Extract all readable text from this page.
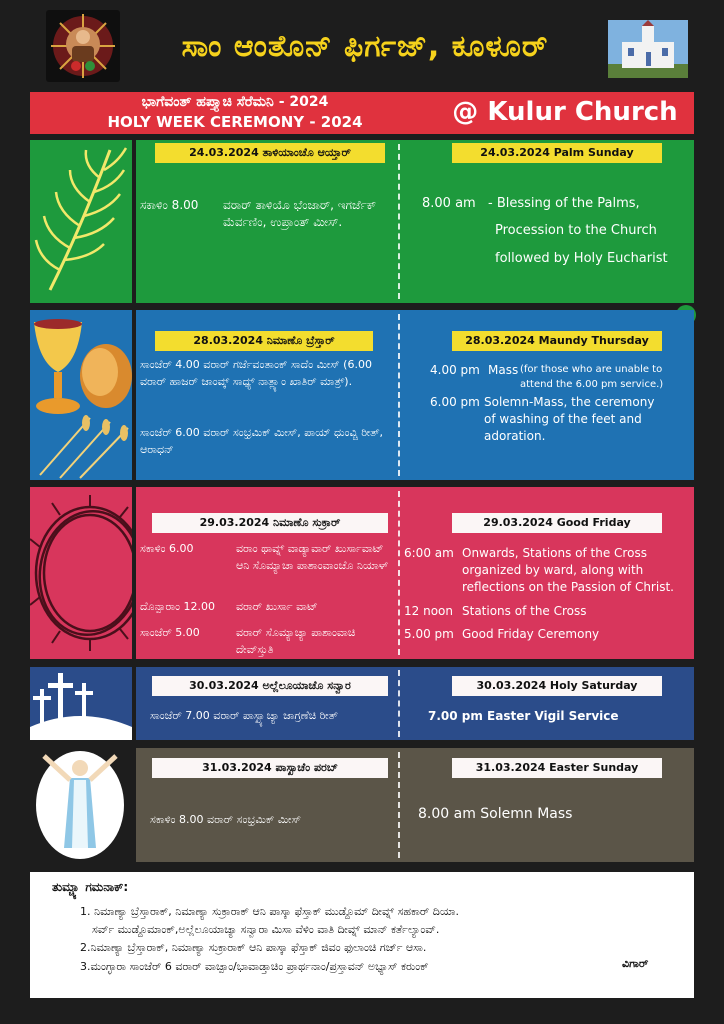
ಸಾಂ ಆಂತೊನ್ ಫಿರ್ಗಜ್, ಕೂಳೂರ್
ಭಾಗೆವಂತ್ ಹಪ್ತ್ಯಾಚಿ ಸೆರೆಮನಿ - 2024
HOLY WEEK CEREMONY - 2024	@ Kulur Church
24.03.2024 ತಾಳಿಯಾಂಚೊ ಆಯ್ತಾರ್	24.03.2024 Palm Sunday
ಸಕಾಳಿಂ 8.00	ವರಾರ್ ತಾಳಿಯೊ ಭೆಂಜಾರ್, ಇಗರ್ಜೆಕ್ ಮೆರ್ವಣಿಂ, ಉಪ್ರಾಂತ್ ಮೀಸ್.
8.00 am - Blessing of the Palms,
Procession to the Church
followed by Holy Eucharist
28.03.2024 ನಿಮಾಣೊ ಬ್ರೆಸ್ತಾರ್	28.03.2024 Maundy Thursday
ಸಾಂಜೆರ್ 4.00 ವರಾರ್ ಗರ್ಜೆವಂತಾಂಕ್ ಸಾದೆಂ ಮೀಸ್ (6.00 ವರಾರ್ ಹಾಜರ್ ಜಾಂವ್ಕ್ ಸಾಧ್ಯ್ ನಾತ್ಲ್ಯಾಂ ಖಾತಿರ್ ಮಾತ್ರ್).
ಸಾಂಜೆರ್ 6.00 ವರಾರ್ ಸಂಭ್ರಮಿಕ್ ಮೀಸ್, ಪಾಯ್ ಧುಂವ್ಚಿ ರೀತ್, ಆರಾಧನ್
4.00 pm Mass (for those who are unable to attend the 6.00 pm service.)
6.00 pm Solemn-Mass, the ceremony of washing of the feet and adoration.
29.03.2024 ನಿಮಾಣೊ ಸುಕ್ರಾರ್	29.03.2024 Good Friday
ಸಕಾಳಿಂ 6.00	ವರಾಂ ಥಾವ್ನ್ ವಾಡ್ಯಾವಾರ್ ಖುರ್ಸಾವಾಟ್ ಆನಿ ಸೊಮ್ಯಾಚಾ ಪಾಶಾಂವಾಂಚೊ ನಿಯಾಳ್
ದೊನ್ಪಾರಾಂ 12.00	ವರಾರ್ ಖುರ್ಸಾ ವಾಟ್
ಸಾಂಜೆರ್ 5.00	ವರಾರ್ ಸೊಮ್ಯಾಚ್ಯಾ ಪಾಶಾಂವಾಚಿ ದೇವ್‌ಸ್ತುತಿ
6:00 am Onwards, Stations of the Cross organized by ward, along with reflections on the Passion of Christ.
12 noon Stations of the Cross
5.00 pm Good Friday Ceremony
30.03.2024 ಅಲ್ಲೆಲೂಯಾಚೊ ಸನ್ವಾರ	30.03.2024 Holy Saturday
ಸಾಂಜೆರ್ 7.00 ವರಾರ್ ಪಾಸ್ಖ್ಯಾಚ್ಯಾ ಜಾಗ್ರಣೆಚಿ ರೀತ್	7.00 pm Easter Vigil Service
31.03.2024 ಪಾಸ್ಖಾಚೆಂ ಪರಬ್	31.03.2024 Easter Sunday
ಸಕಾಳಿಂ 8.00 ವರಾರ್ ಸಂಭ್ರಮಿಕ್ ಮೀಸ್	8.00 am Solemn Mass
ತುಮ್ಚ್ಯಾ ಗಮನಾಕ್:
1. ನಿಮಾಣ್ಯಾ ಬ್ರೆಸ್ತಾರಾಕ್, ನಿಮಾಣ್ಯಾ ಸುಕ್ರಾರಾಕ್ ಆನಿ ಪಾಸ್ಕಾ ಫೆಸ್ತಾಕ್ ಮುಡ್ದೊಮ್ ದೀವ್ನ್ ಸಹಕಾರ್ ದಿಯಾ.
ಸರ್ವ್ ಮುಡ್ದೊಮಾಂಕ್,ಅಲ್ಲೆಲೂಯಾಚ್ಯಾ ಸನ್ವಾರಾ ಮಿಸಾ ವೆಳಿಂ ವಾತಿ ದೀವ್ನ್ ಮಾನ್ ಕರ್ತೆಲ್ಯಾಂವ್.
2.ನಿಮಾಣ್ಯಾ ಬ್ರೆಸ್ತಾರಾಕ್, ನಿಮಾಣ್ಯಾ ಸುಕ್ರಾರಾಕ್ ಆನಿ ಪಾಸ್ಕಾ ಫೆಸ್ತಾಕ್ ಜಿವಂ ಫುಲಾಂಚಿ ಗರ್ಜ್ ಆಸಾ.
3.ಮಂಗ್ಳಾರಾ ಸಾಂಜೆರ್ 6 ವರಾರ್ ವಾಚ್ಪಾಂ/ಭಾವಾಡ್ತಾಚಿಂ ಪ್ರಾರ್ಥನಾಂ/ಪ್ರಸ್ತಾವನ್ ಅಭ್ಯಾಸ್ ಕರುಂಕ್	ವಿಗಾರ್
